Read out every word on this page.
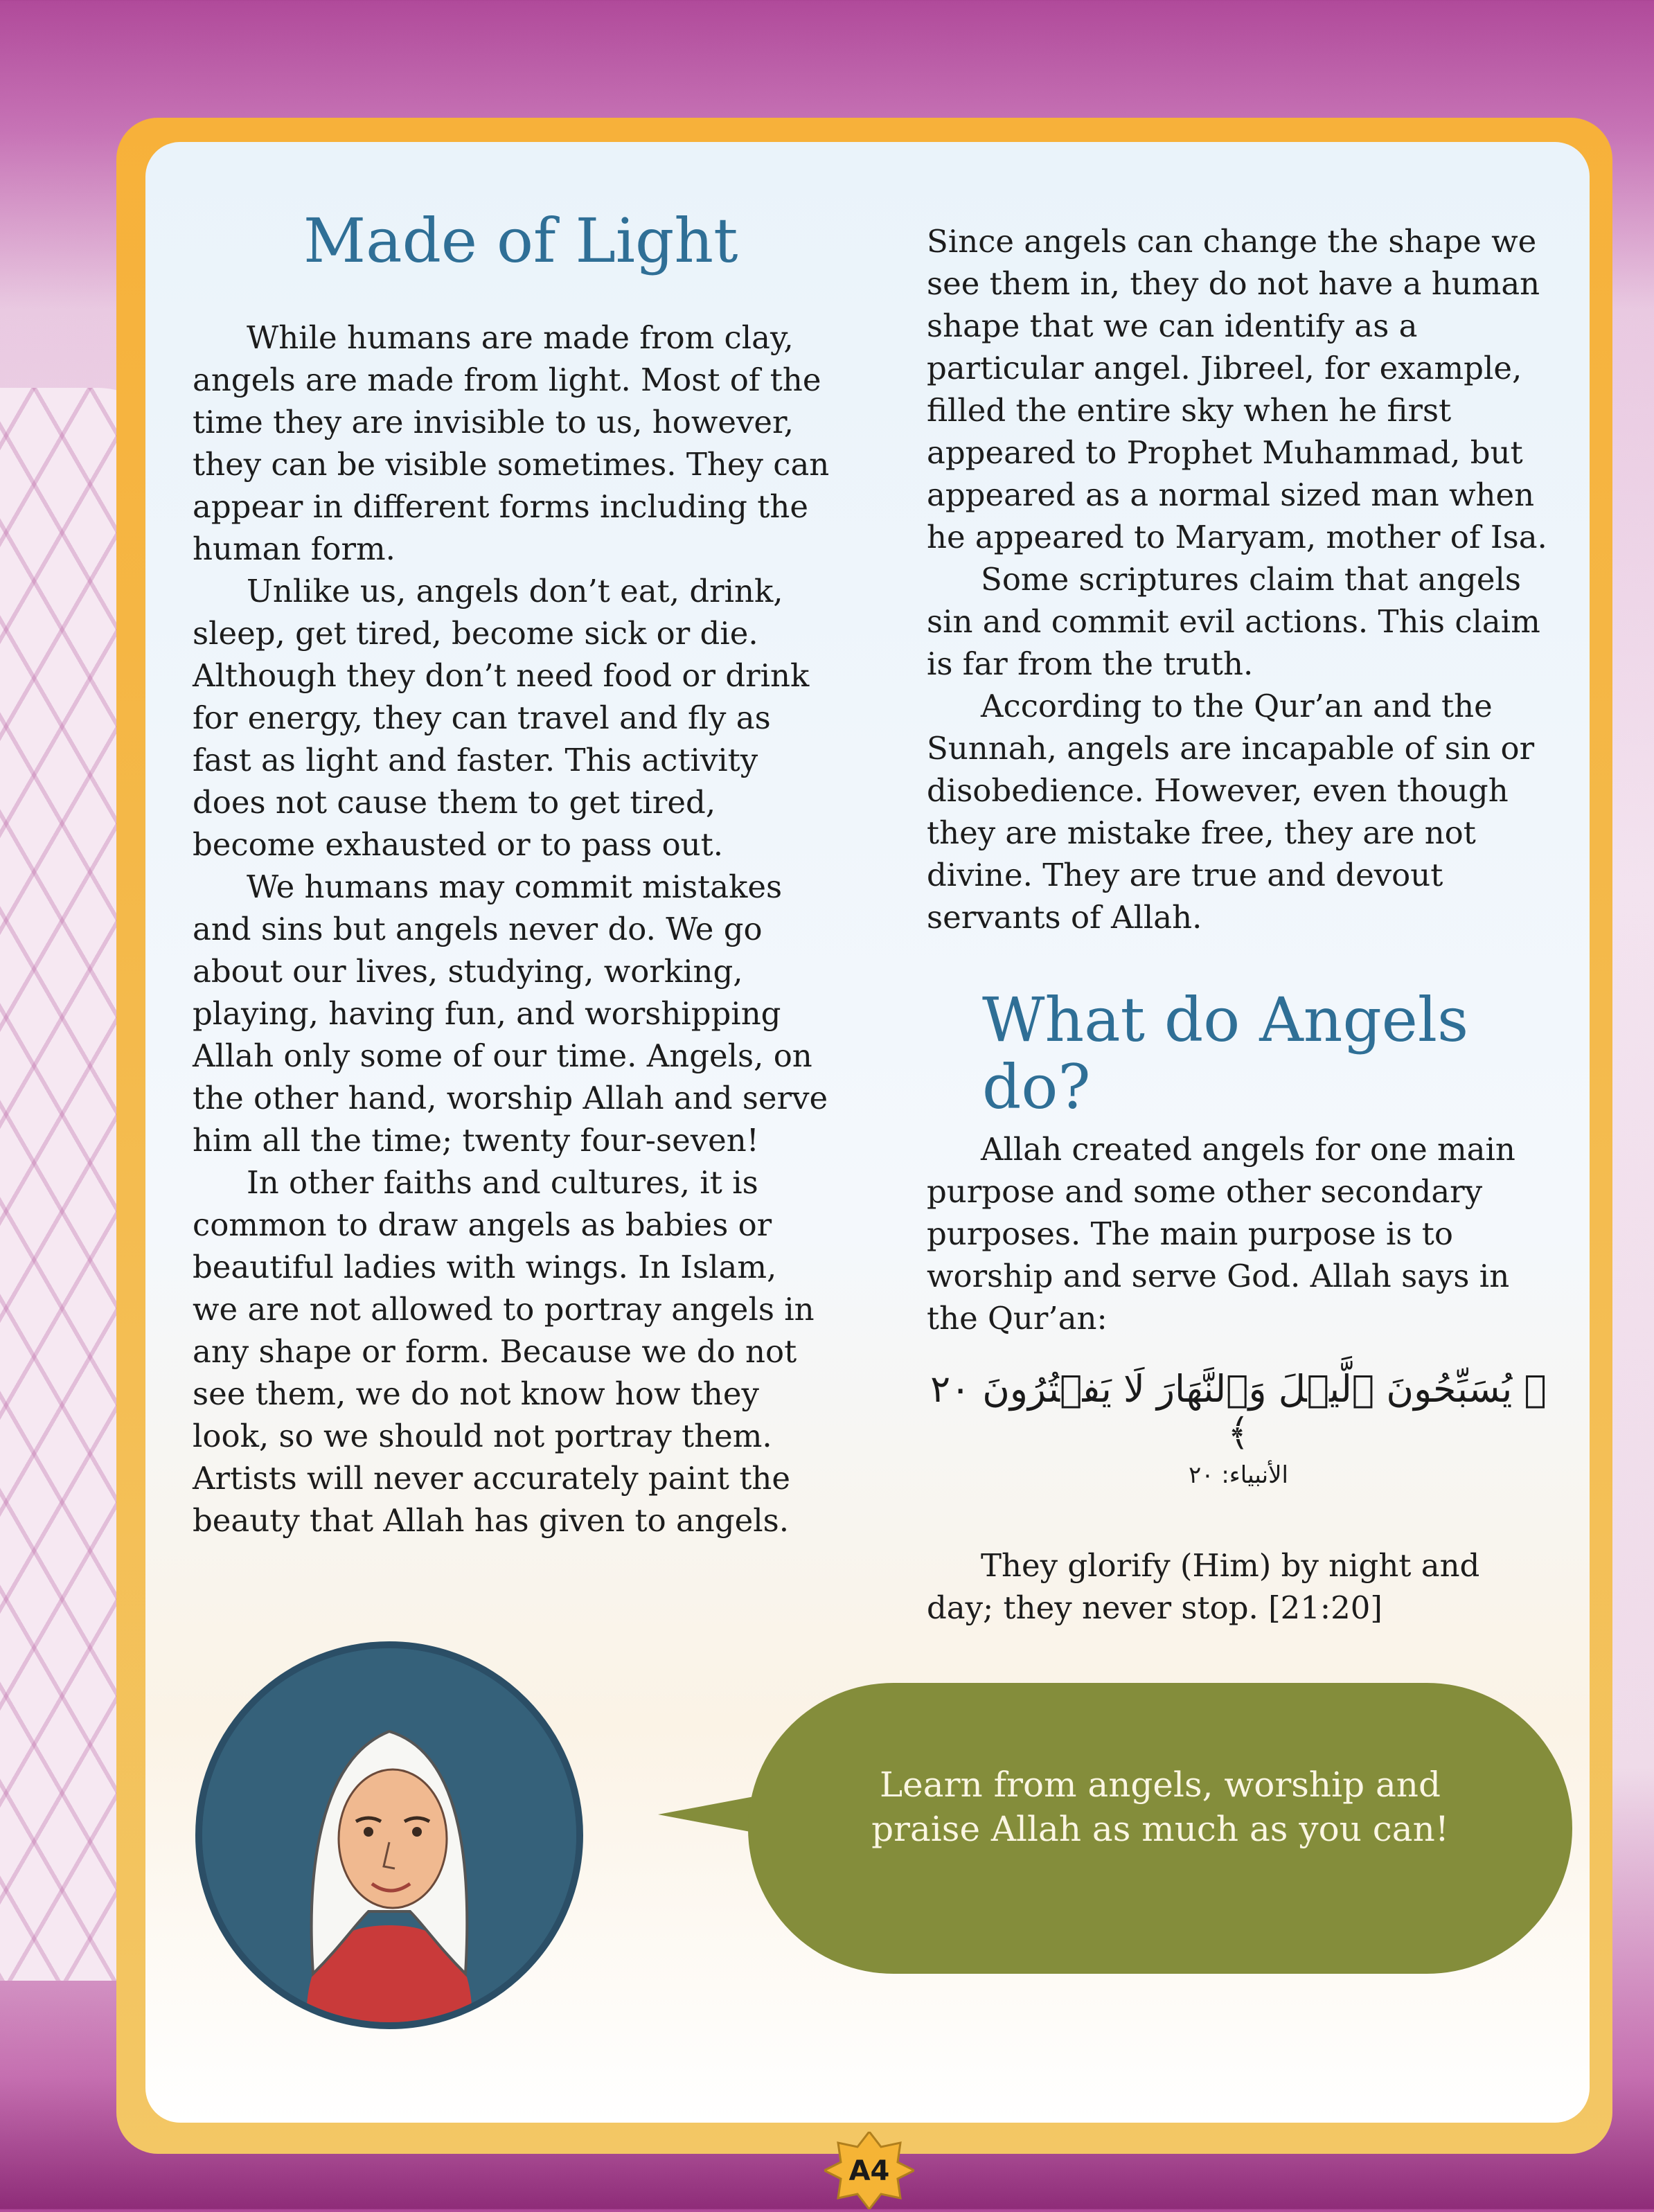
Made of Light

While humans are made from clay, angels are made from light. Most of the time they are invisible to us, however, they can be visible sometimes. They can appear in different forms including the human form.

Unlike us, angels don’t eat, drink, sleep, get tired, become sick or die. Although they don’t need food or drink for energy, they can travel and fly as fast as light and faster. This activity does not cause them to get tired, become exhausted or to pass out.

We humans may commit mistakes and sins but angels never do. We go about our lives, studying, working, playing, having fun, and worshipping Allah only some of our time. Angels, on the other hand, worship Allah and serve him all the time; twenty four-seven!

In other faiths and cultures, it is common to draw angels as babies or beautiful ladies with wings. In Islam, we are not allowed to portray angels in any shape or form. Because we do not see them, we do not know how they look, so we should not portray them. Artists will never accurately paint the beauty that Allah has given to angels.

Since angels can change the shape we see them in, they do not have a human shape that we can identify as a particular angel. Jibreel, for example, filled the entire sky when he first appeared to Prophet Muhammad, but appeared as a normal sized man when he appeared to Maryam, mother of Isa.

Some scriptures claim that angels sin and commit evil actions. This claim is far from the truth.

According to the Qur’an and the Sunnah, angels are incapable of sin or disobedience. However, even though they are mistake free, they are not divine. They are true and devout servants of Allah.

What do Angels do?

Allah created angels for one main purpose and some other secondary purposes. The main purpose is to worship and serve God. Allah says in the Qur’an:

﴿ يُسَبِّحُونَ ٱلَّيۡلَ وَٱلنَّهَارَ لَا يَفۡتُرُونَ ٢٠ ﴾
الأنبياء: ٢٠

They glorify (Him) by night and day; they never stop. [21:20]

Learn from angels, worship and
praise Allah as much as you can!
A4
